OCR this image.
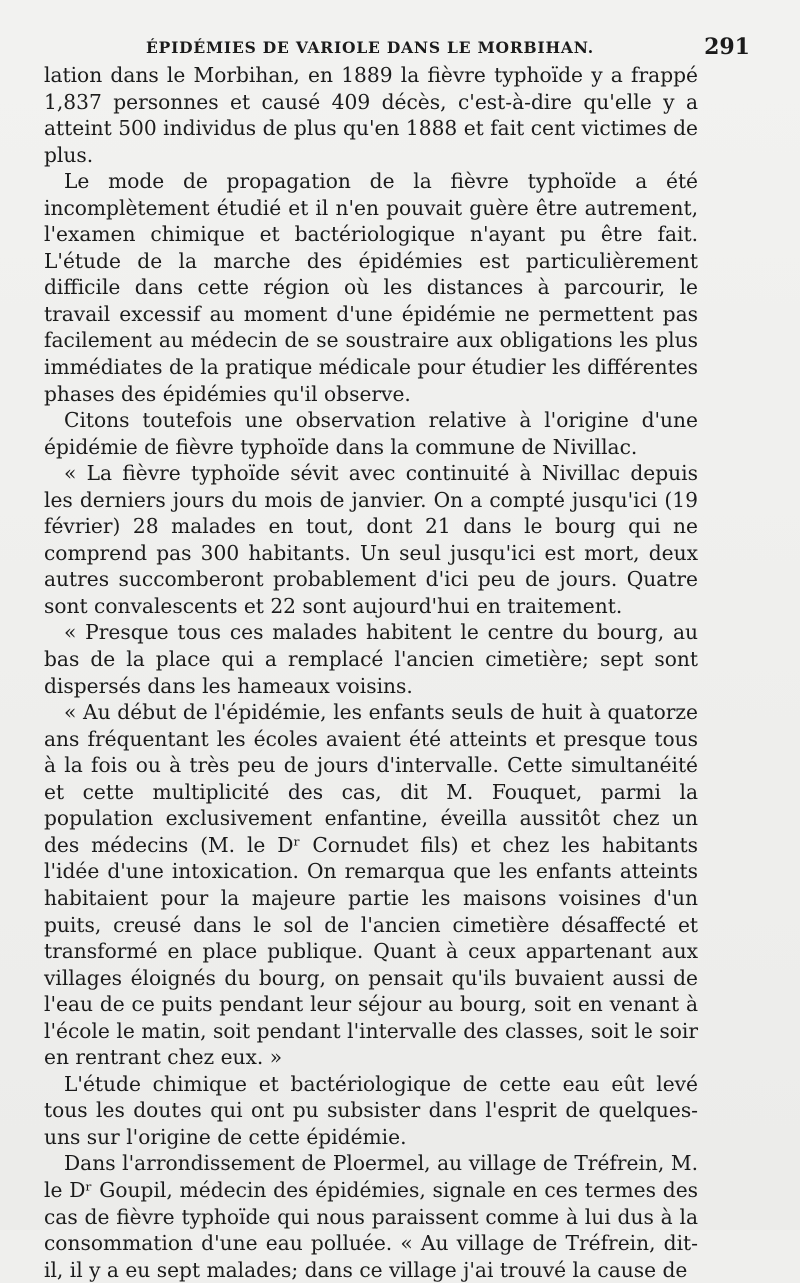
ÉPIDÉMIES DE VARIOLE DANS LE MORBIHAN.	291

lation dans le Morbihan, en 1889 la fièvre typhoïde y a frappé 1,837 personnes et causé 409 décès, c'est-à-dire qu'elle y a atteint 500 individus de plus qu'en 1888 et fait cent victimes de plus.

Le mode de propagation de la fièvre typhoïde a été incomplètement étudié et il n'en pouvait guère être autrement, l'examen chimique et bactériologique n'ayant pu être fait. L'étude de la marche des épidémies est particulièrement difficile dans cette région où les distances à parcourir, le travail excessif au moment d'une épidémie ne permettent pas facilement au médecin de se soustraire aux obligations les plus immédiates de la pratique médicale pour étudier les différentes phases des épidémies qu'il observe.

Citons toutefois une observation relative à l'origine d'une épidémie de fièvre typhoïde dans la commune de Nivillac.

« La fièvre typhoïde sévit avec continuité à Nivillac depuis les derniers jours du mois de janvier. On a compté jusqu'ici (19 février) 28 malades en tout, dont 21 dans le bourg qui ne comprend pas 300 habitants. Un seul jusqu'ici est mort, deux autres succomberont probablement d'ici peu de jours. Quatre sont convalescents et 22 sont aujourd'hui en traitement.

« Presque tous ces malades habitent le centre du bourg, au bas de la place qui a remplacé l'ancien cimetière; sept sont dispersés dans les hameaux voisins.

« Au début de l'épidémie, les enfants seuls de huit à quatorze ans fréquentant les écoles avaient été atteints et presque tous à la fois ou à très peu de jours d'intervalle. Cette simultanéité et cette multiplicité des cas, dit M. Fouquet, parmi la population exclusivement enfantine, éveilla aussitôt chez un des médecins (M. le Dʳ Cornudet fils) et chez les habitants l'idée d'une intoxication. On remarqua que les enfants atteints habitaient pour la majeure partie les maisons voisines d'un puits, creusé dans le sol de l'ancien cimetière désaffecté et transformé en place publique. Quant à ceux appartenant aux villages éloignés du bourg, on pensait qu'ils buvaient aussi de l'eau de ce puits pendant leur séjour au bourg, soit en venant à l'école le matin, soit pendant l'intervalle des classes, soit le soir en rentrant chez eux. »

L'étude chimique et bactériologique de cette eau eût levé tous les doutes qui ont pu subsister dans l'esprit de quelques-uns sur l'origine de cette épidémie.

Dans l'arrondissement de Ploermel, au village de Tréfrein, M. le Dʳ Goupil, médecin des épidémies, signale en ces termes des cas de fièvre typhoïde qui nous paraissent comme à lui dus à la consommation d'une eau polluée. « Au village de Tréfrein, dit-il, il y a eu sept malades; dans ce village j'ai trouvé la cause de
